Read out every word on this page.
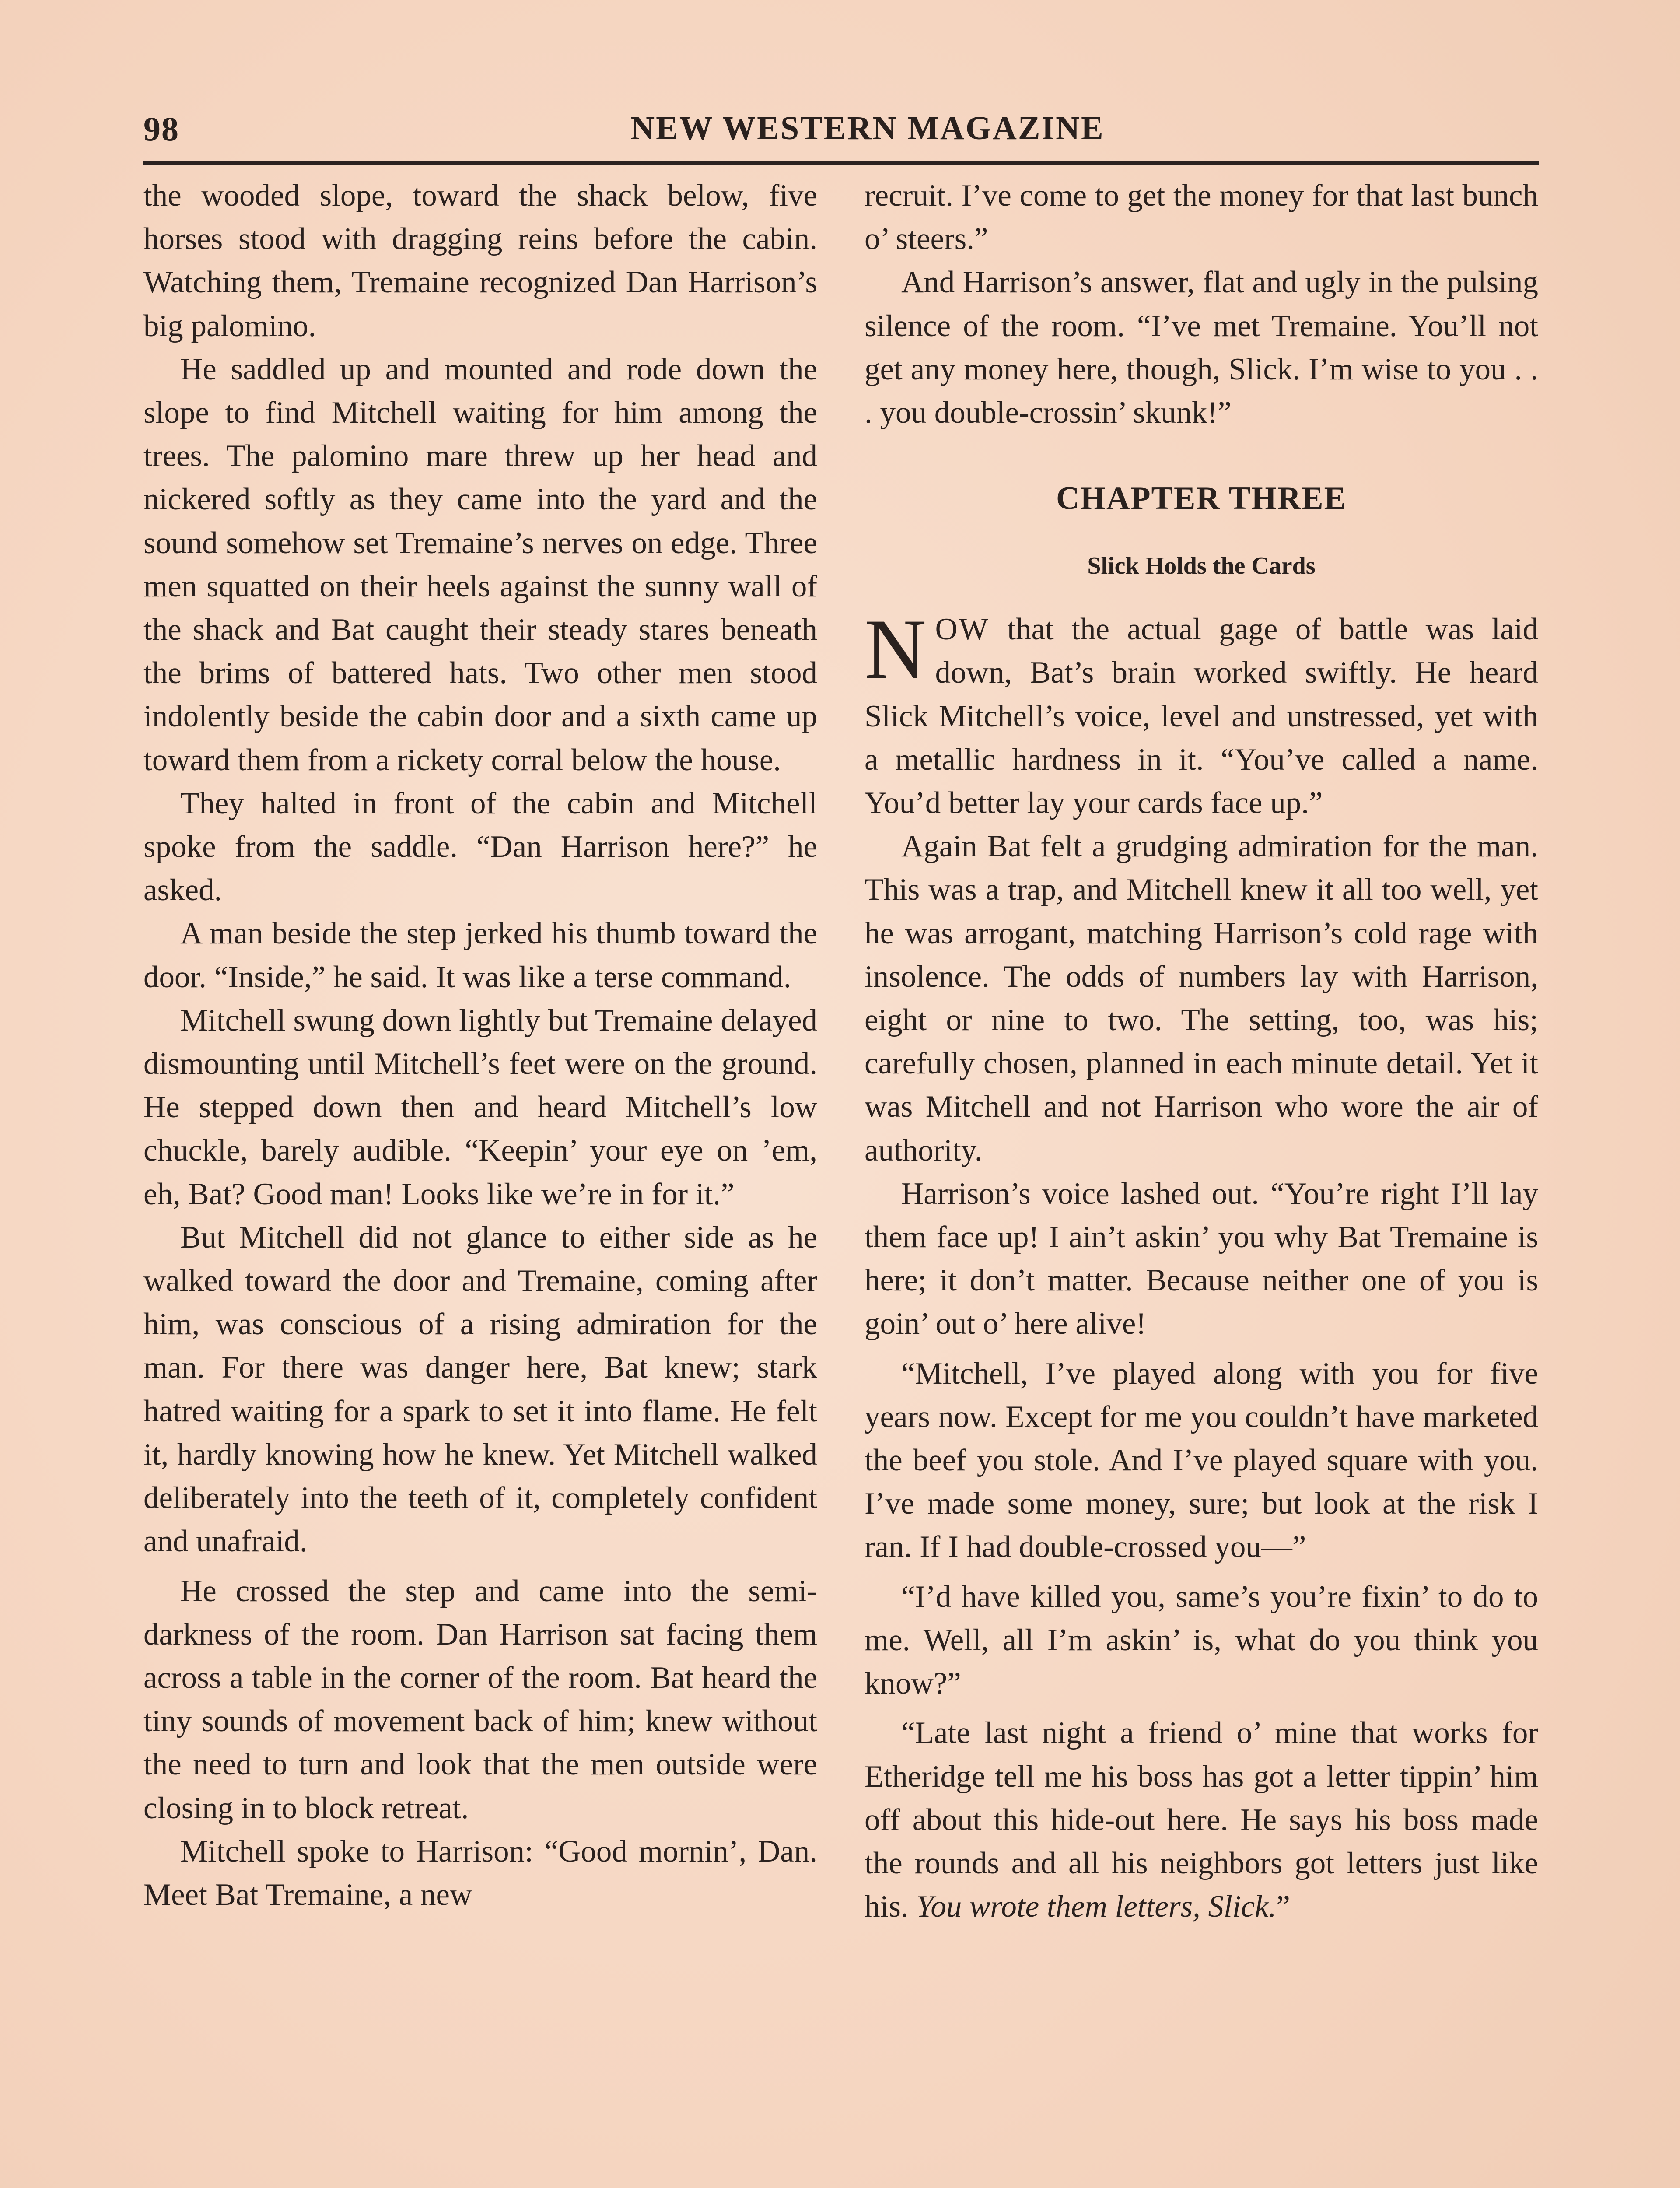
98	NEW WESTERN MAGAZINE

the wooded slope, toward the shack below, five horses stood with dragging reins before the cabin. Watching them, Tremaine recognized Dan Harrison’s big palomino.

He saddled up and mounted and rode down the slope to find Mitchell waiting for him among the trees. The palomino mare threw up her head and nickered softly as they came into the yard and the sound somehow set Tremaine’s nerves on edge. Three men squatted on their heels against the sunny wall of the shack and Bat caught their steady stares beneath the brims of battered hats. Two other men stood indolently beside the cabin door and a sixth came up toward them from a rickety corral below the house.

They halted in front of the cabin and Mitchell spoke from the saddle. “Dan Harrison here?” he asked.

A man beside the step jerked his thumb toward the door. “Inside,” he said. It was like a terse command.

Mitchell swung down lightly but Tremaine delayed dismounting until Mitchell’s feet were on the ground. He stepped down then and heard Mitchell’s low chuckle, barely audible. “Keepin’ your eye on ’em, eh, Bat? Good man! Looks like we’re in for it.”

But Mitchell did not glance to either side as he walked toward the door and Tremaine, coming after him, was conscious of a rising admiration for the man. For there was danger here, Bat knew; stark hatred waiting for a spark to set it into flame. He felt it, hardly knowing how he knew. Yet Mitchell walked deliberately into the teeth of it, completely confident and unafraid.

He crossed the step and came into the semi-darkness of the room. Dan Harrison sat facing them across a table in the corner of the room. Bat heard the tiny sounds of movement back of him; knew without the need to turn and look that the men outside were closing in to block retreat.

Mitchell spoke to Harrison: “Good mornin’, Dan. Meet Bat Tremaine, a new

recruit. I’ve come to get the money for that last bunch o’ steers.”

And Harrison’s answer, flat and ugly in the pulsing silence of the room. “I’ve met Tremaine. You’ll not get any money here, though, Slick. I’m wise to you . . . you double-crossin’ skunk!”

CHAPTER THREE
Slick Holds the Cards

NOW that the actual gage of battle was laid down, Bat’s brain worked swiftly. He heard Slick Mitchell’s voice, level and unstressed, yet with a metallic hardness in it. “You’ve called a name. You’d better lay your cards face up.”

Again Bat felt a grudging admiration for the man. This was a trap, and Mitchell knew it all too well, yet he was arrogant, matching Harrison’s cold rage with insolence. The odds of numbers lay with Harrison, eight or nine to two. The setting, too, was his; carefully chosen, planned in each minute detail. Yet it was Mitchell and not Harrison who wore the air of authority.

Harrison’s voice lashed out. “You’re right I’ll lay them face up! I ain’t askin’ you why Bat Tremaine is here; it don’t matter. Because neither one of you is goin’ out o’ here alive!

“Mitchell, I’ve played along with you for five years now. Except for me you couldn’t have marketed the beef you stole. And I’ve played square with you. I’ve made some money, sure; but look at the risk I ran. If I had double-crossed you—”

“I’d have killed you, same’s you’re fixin’ to do to me. Well, all I’m askin’ is, what do you think you know?”

“Late last night a friend o’ mine that works for Etheridge tell me his boss has got a letter tippin’ him off about this hide-out here. He says his boss made the rounds and all his neighbors got letters just like his. You wrote them letters, Slick.”
